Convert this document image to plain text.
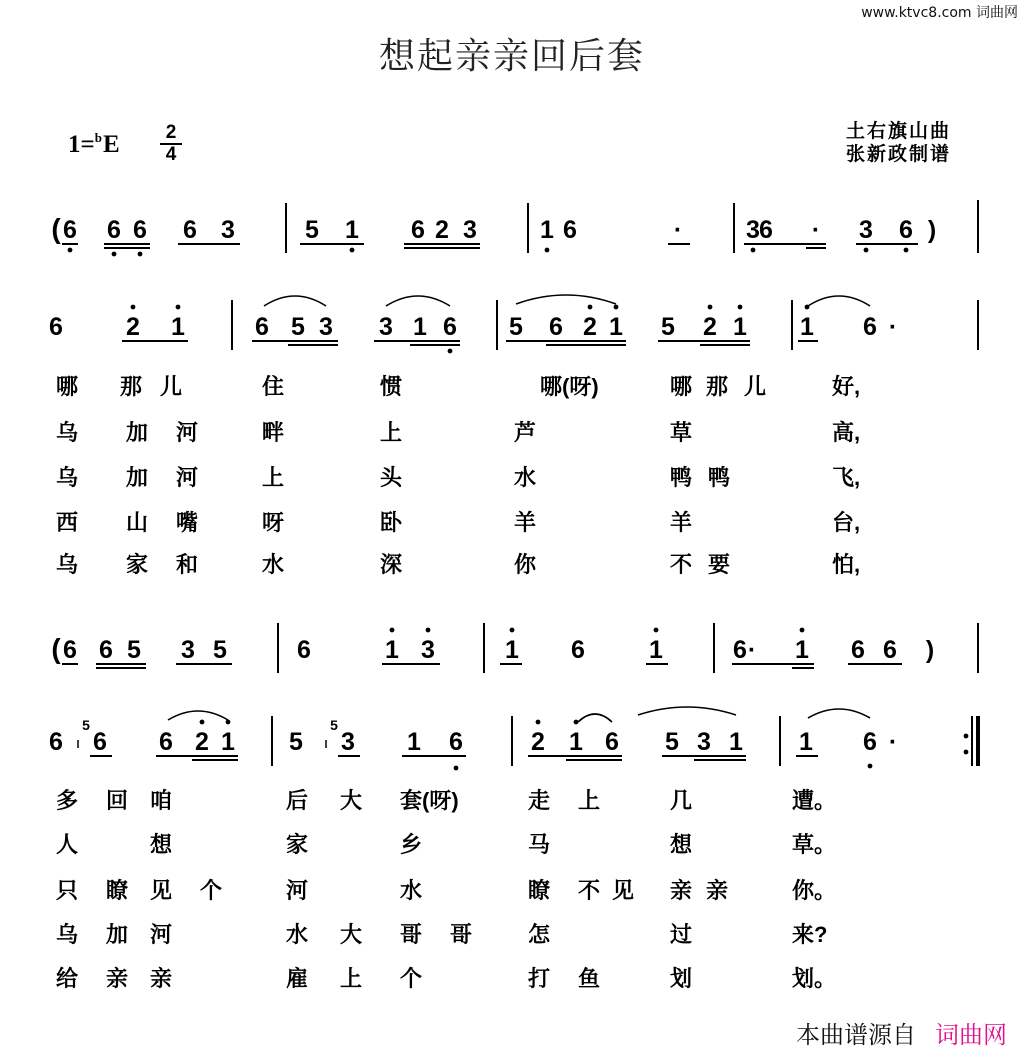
www.ktvc8.com 词曲网
想起亲亲回后套
1=$^b$E	2
4
土右旗山曲
张新政制谱
( 6 6 6 6 3	5 1 6 2 3	1 6	·	3 6 · 3 6 )
6	2 1	6 5 3 3 1 6 5 6 2 1 5 2 1 1 6 ·
哪 那 儿	住	惯	哪(呀)	哪 那 儿	好,
乌 加 河	畔	上	芦	草	高,
乌 加 河	上	头	水	鸭 鸭	飞,
西 山 嘴	呀	卧	羊	羊	台,
乌 家 和	水	深	你	不 要	怕,
( 6 6 5 3 5	6	1 3	1 6	1	6 · 1 6 6 )
6
5
6 6 2 1 5
5
3 1 6	2 1 6 5 3 1 1 6 ·
多 回 咱	后 大 套(呀)	走 上	几	遭。
人	想	家	乡	马	想	草。
只 瞭 见 个	河	水	瞭 不 见 亲 亲	你。
乌 加 河	水 大 哥 哥	怎	过	来?
给 亲 亲	雇 上 个	打 鱼	划	划。
本曲谱源自 词曲网
